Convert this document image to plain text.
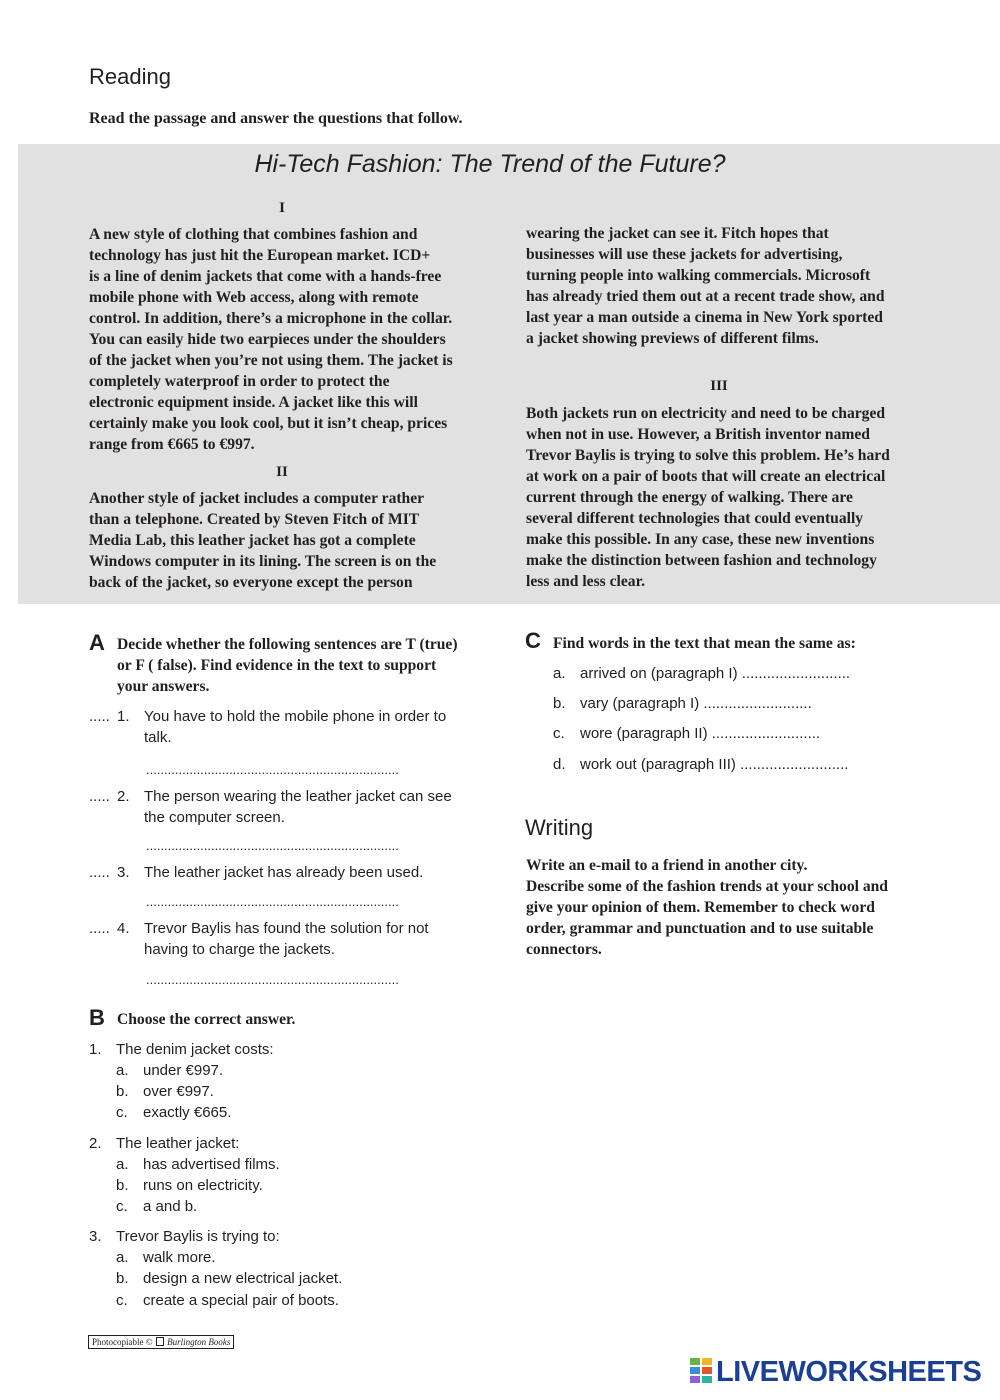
Reading
Read the passage and answer the questions that follow.
Hi-Tech Fashion: The Trend of the Future?
I
A new style of clothing that combines fashion and
technology has just hit the European market. ICD+
is a line of denim jackets that come with a hands-free
mobile phone with Web access, along with remote
control. In addition, there’s a microphone in the collar.
You can easily hide two earpieces under the shoulders
of the jacket when you’re not using them. The jacket is
completely waterproof in order to protect the
electronic equipment inside. A jacket like this will
certainly make you look cool, but it isn’t cheap, prices
range from €665 to €997.
II
Another style of jacket includes a computer rather
than a telephone. Created by Steven Fitch of MIT
Media Lab, this leather jacket has got a complete
Windows computer in its lining. The screen is on the
back of the jacket, so everyone except the person
wearing the jacket can see it. Fitch hopes that
businesses will use these jackets for advertising,
turning people into walking commercials. Microsoft
has already tried them out at a recent trade show, and
last year a man outside a cinema in New York sported
a jacket showing previews of different films.
III
Both jackets run on electricity and need to be charged
when not in use. However, a British inventor named
Trevor Baylis is trying to solve this problem. He’s hard
at work on a pair of boots that will create an electrical
current through the energy of walking. There are
several different technologies that could eventually
make this possible. In any case, these new inventions
make the distinction between fashion and technology
less and less clear.
A Decide whether the following sentences are T (true)
or F ( false). Find evidence in the text to support
your answers.
..... 1. You have to hold the mobile phone in order to
talk.
......................................................................
..... 2. The person wearing the leather jacket can see
the computer screen.
......................................................................
..... 3. The leather jacket has already been used.
......................................................................
..... 4. Trevor Baylis has found the solution for not
having to charge the jackets.
......................................................................
B Choose the correct answer.
1. The denim jacket costs:
a. under €997.
b. over €997.
c. exactly €665.
2. The leather jacket:
a. has advertised films.
b. runs on electricity.
c. a and b.
3. Trevor Baylis is trying to:
a. walk more.
b. design a new electrical jacket.
c. create a special pair of boots.
C Find words in the text that mean the same as:
a. arrived on (paragraph I) ..........................
b. vary (paragraph I) ..........................
c. wore (paragraph II) ..........................
d. work out (paragraph III) ..........................
Writing
Write an e-mail to a friend in another city.
Describe some of the fashion trends at your school and
give your opinion of them. Remember to check word
order, grammar and punctuation and to use suitable
connectors.
Photocopiable © Burlington Books
LIVEWORKSHEETS
